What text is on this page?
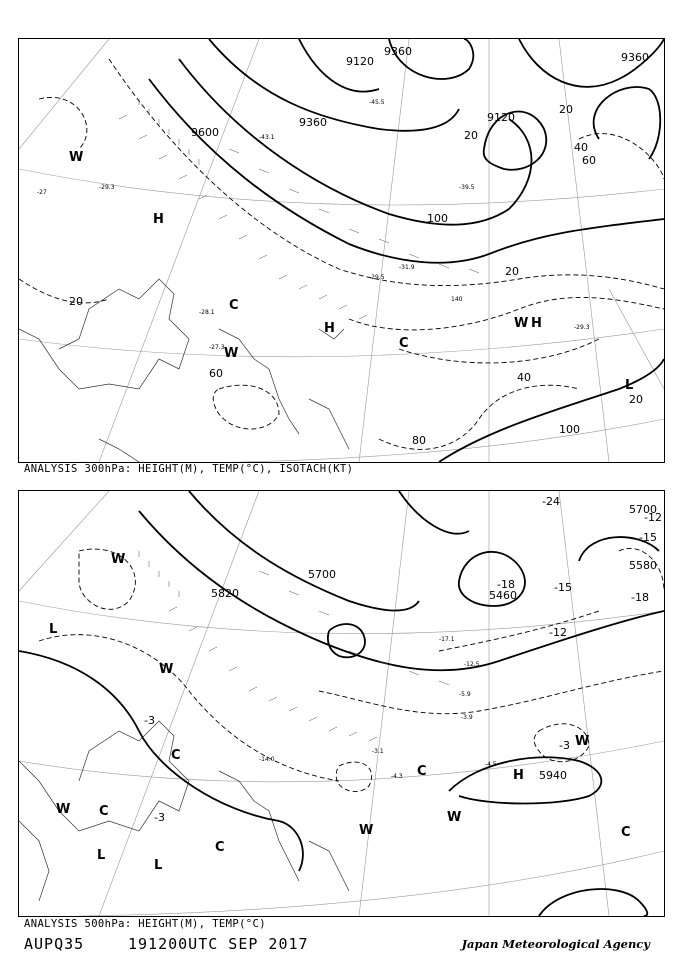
9360
9120
9600
9360	9120
9360
20
40
60
80
100
20
20
20
20
40
60
100
W
H
C
H
W
W H
C
L
-29.3
-27
-28.1
-27.3
-31.9
-29.5
-43.1
-45.5
-39.5
-29.3
140
ANALYSIS 300hPa: HEIGHT(M), TEMP(°C), ISOTACH(KT)
5820
5700
5460
5580
5700
5940
-3
-3
-3
-12
-15
-18
-24
-15
-18
-12
W
L
W
C
C
L
L
C
W
W
C	H
W
W	C
-4.3
-3.1
-4.5
-17.1
-12.5
-5.9
-3.9
-14.0
ANALYSIS 500hPa: HEIGHT(M), TEMP(°C)
AUPQ35	191200UTC SEP 2017	Japan Meteorological Agency
